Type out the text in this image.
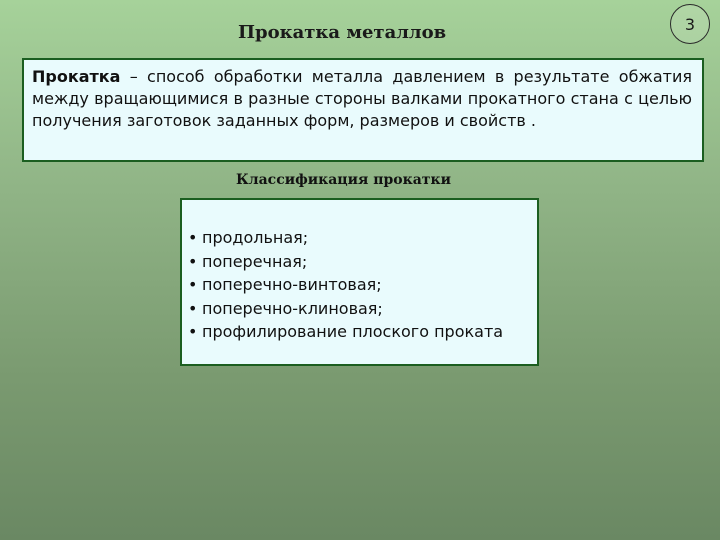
Прокатка металлов	3
Прокатка – способ обработки металла давлением в результате обжатия между вращающимися в разные стороны валками прокатного стана с целью получения заготовок заданных форм, размеров и свойств .
Классификация прокатки
• продольная;
• поперечная;
• поперечно-винтовая;
• поперечно-клиновая;
• профилирование плоского проката
